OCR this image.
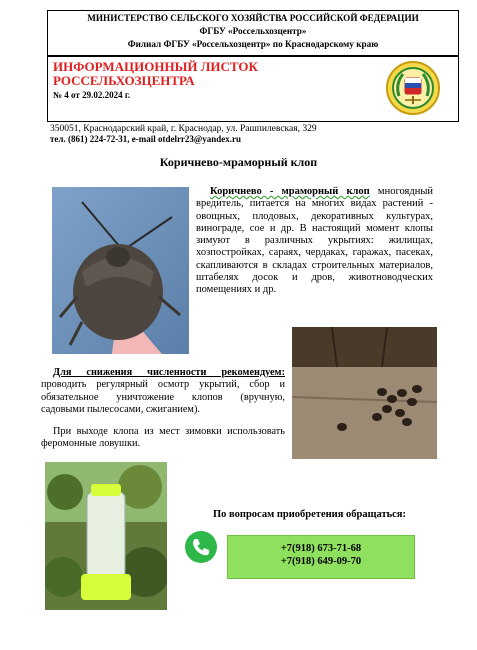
МИНИСТЕРСТВО СЕЛЬСКОГО ХОЗЯЙСТВА РОССИЙСКОЙ ФЕДЕРАЦИИ
ФГБУ «Россельхозцентр»
Филиал ФГБУ «Россельхозцентр» по Краснодарскому краю
ИНФОРМАЦИОННЫЙ ЛИСТОК
РОССЕЛЬХОЗЦЕНТРА
№ 4 от 29.02.2024 г.
350051, Краснодарский край, г. Краснодар, ул. Рашпилевская, 329
тел. (861) 224-72-31, e-mail otdelrr23@yandex.ru
Коричнево-мраморный клоп
Коричнево - мраморный клоп многоядный вредитель, питается на многих видах растений - овощных, плодовых, декоративных культурах, винограде, сое и др. В настоящий момент клопы зимуют в различных укрытиях: жилищах, хозпостройках, сараях, чердаках, гаражах, пасеках, скапливаются в складах строительных материалов, штабелях досок и дров, животноводческих помещениях и др.
Для снижения численности рекомендуем: проводить регулярный осмотр укрытий, сбор и обязательное уничтожение клопов (вручную, садовыми пылесосами, сжиганием).
При выходе клопа из мест зимовки использовать феромонные ловушки.
По вопросам приобретения обращаться:
+7(918) 673-71-68
+7(918) 649-09-70
